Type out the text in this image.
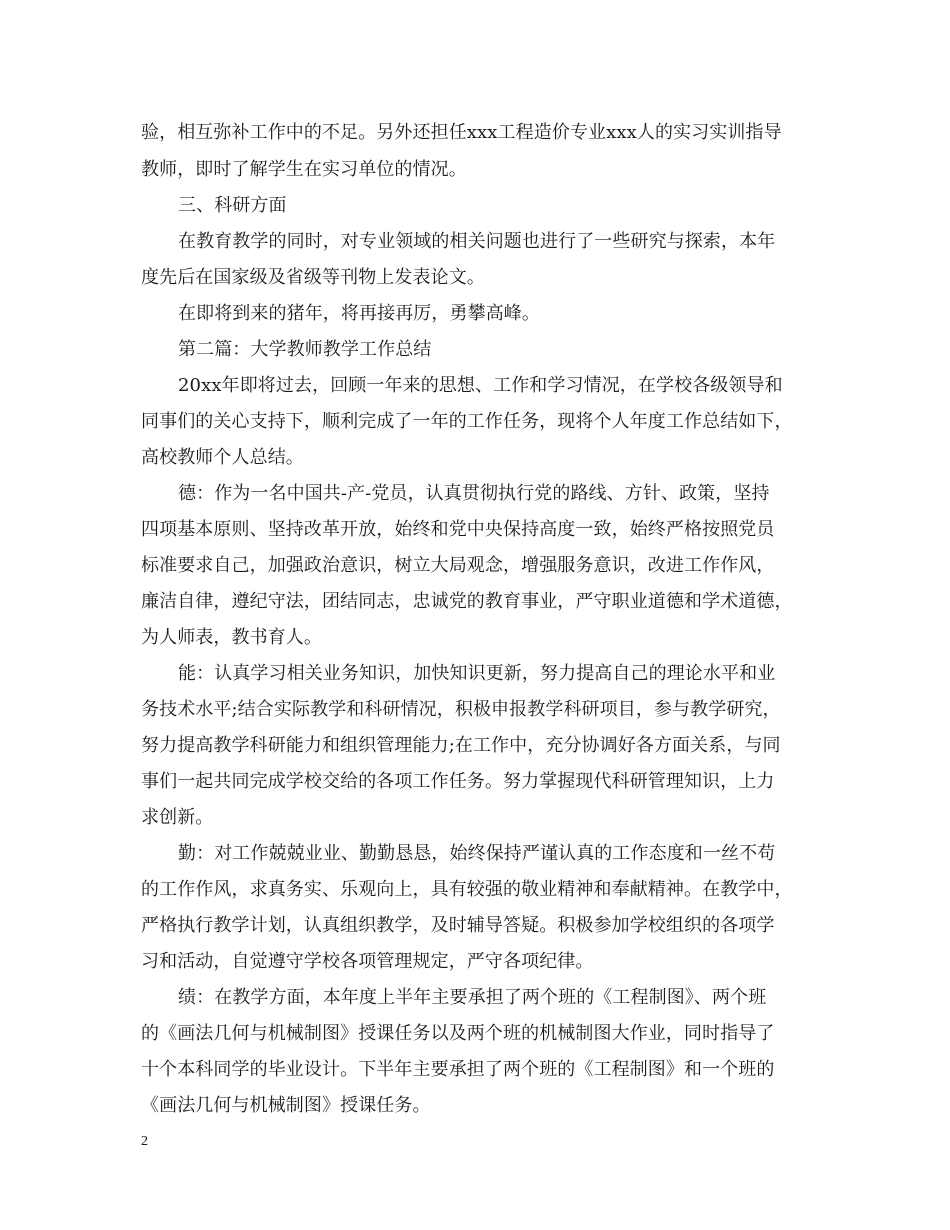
验，相互弥补工作中的不足。另外还担任xxx工程造价专业xxx人的实习实训指导
教师，即时了解学生在实习单位的情况。
三、科研方面
在教育教学的同时，对专业领域的相关问题也进行了一些研究与探索，本年
度先后在国家级及省级等刊物上发表论文。
在即将到来的猪年，将再接再厉，勇攀高峰。
第二篇：大学教师教学工作总结
20xx年即将过去，回顾一年来的思想、工作和学习情况，在学校各级领导和
同事们的关心支持下，顺利完成了一年的工作任务，现将个人年度工作总结如下，
高校教师个人总结。
德：作为一名中国共-产-党员，认真贯彻执行党的路线、方针、政策，坚持
四项基本原则、坚持改革开放，始终和党中央保持高度一致，始终严格按照党员
标准要求自己，加强政治意识，树立大局观念，增强服务意识，改进工作作风，
廉洁自律，遵纪守法，团结同志，忠诚党的教育事业，严守职业道德和学术道德，
为人师表，教书育人。
能：认真学习相关业务知识，加快知识更新，努力提高自己的理论水平和业
务技术水平;结合实际教学和科研情况，积极申报教学科研项目，参与教学研究，
努力提高教学科研能力和组织管理能力;在工作中，充分协调好各方面关系，与同
事们一起共同完成学校交给的各项工作任务。努力掌握现代科研管理知识，上力
求创新。
勤：对工作兢兢业业、勤勤恳恳，始终保持严谨认真的工作态度和一丝不苟
的工作作风，求真务实、乐观向上，具有较强的敬业精神和奉献精神。在教学中，
严格执行教学计划，认真组织教学，及时辅导答疑。积极参加学校组织的各项学
习和活动，自觉遵守学校各项管理规定，严守各项纪律。
绩：在教学方面，本年度上半年主要承担了两个班的《工程制图》、两个班
的《画法几何与机械制图》授课任务以及两个班的机械制图大作业，同时指导了
十个本科同学的毕业设计。下半年主要承担了两个班的《工程制图》和一个班的
《画法几何与机械制图》授课任务。
2
